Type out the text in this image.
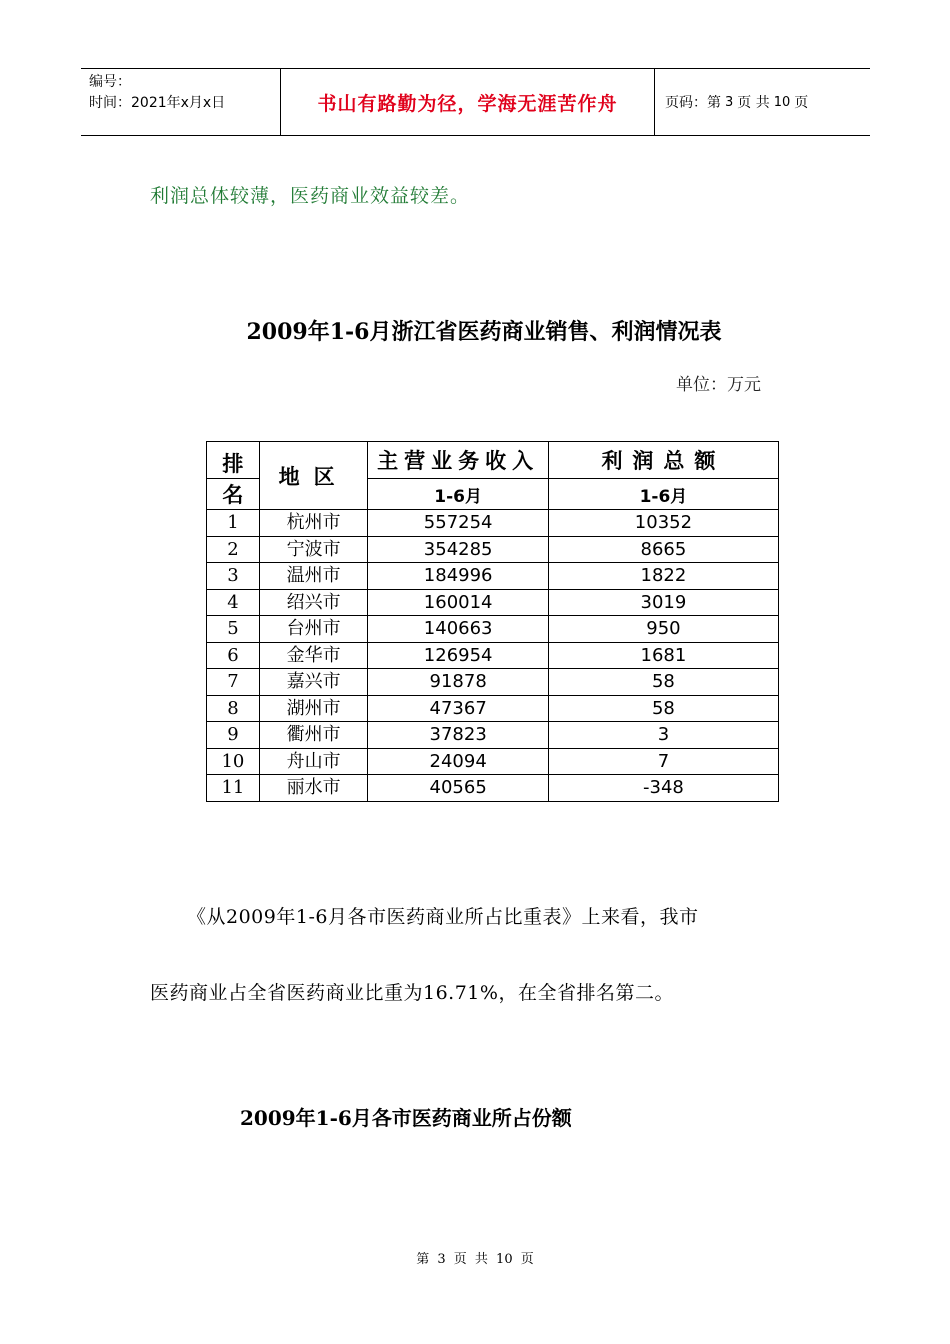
编号：
时间：2021年x月x日	书山有路勤为径，学海无涯苦作舟	页码：第 3 页 共 10 页
利润总体较薄，医药商业效益较差。
2009年1-6月浙江省医药商业销售、利润情况表
单位：万元
排	地区	主营业务收入	利润总额
名		1-6月	1-6月
1	杭州市	557254	10352
2	宁波市	354285	8665
3	温州市	184996	1822
4	绍兴市	160014	3019
5	台州市	140663	950
6	金华市	126954	1681
7	嘉兴市	91878	58
8	湖州市	47367	58
9	衢州市	37823	3
10	舟山市	24094	7
11	丽水市	40565	-348
《从2009年1-6月各市医药商业所占比重表》上来看，我市
医药商业占全省医药商业比重为16.71%，在全省排名第二。
2009年1-6月各市医药商业所占份额
第 3 页 共 10 页
